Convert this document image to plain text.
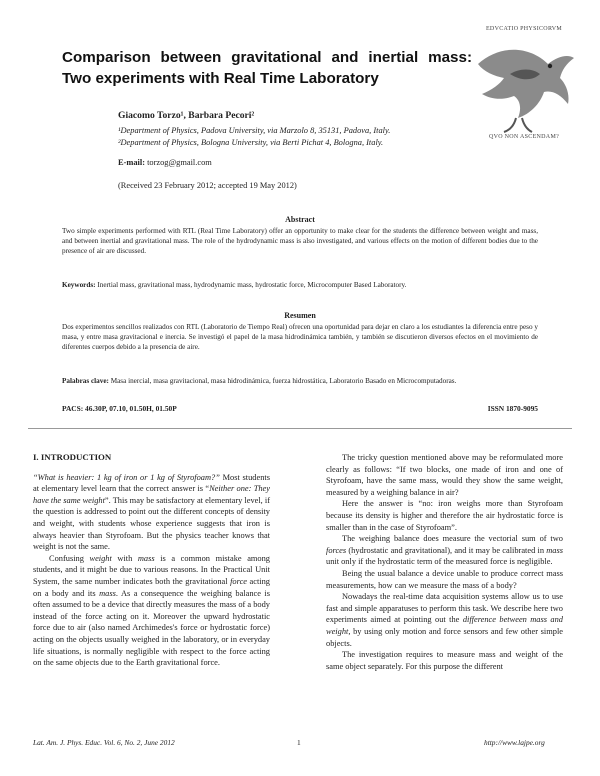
Comparison between gravitational and inertial mass: Two experiments with Real Time Laboratory
EDVCATIO PHYSICORVM
QVO NON ASCENDAM?
Giacomo Torzo¹, Barbara Pecori²
¹Department of Physics, Padova University, via Marzolo 8, 35131, Padova, Italy.
²Department of Physics, Bologna University, via Berti Pichat 4, Bologna, Italy.
E-mail: torzog@gmail.com
(Received 23 February 2012; accepted 19 May 2012)
Abstract
Two simple experiments performed with RTL (Real Time Laboratory) offer an opportunity to make clear for the students the difference between weight and mass, and between inertial and gravitational mass. The role of the hydrodynamic mass is also investigated, and various effects on the motion of different bodies due to the presence of air are discussed.
Keywords: Inertial mass, gravitational mass, hydrodynamic mass, hydrostatic force, Microcomputer Based Laboratory.
Resumen
Dos experimentos sencillos realizados con RTL (Laboratorio de Tiempo Real) ofrecen una oportunidad para dejar en claro a los estudiantes la diferencia entre peso y masa, y entre masa gravitacional e inercia. Se investigó el papel de la masa hidrodinámica también, y también se discutieron diversos efectos en el movimiento de diferentes cuerpos debido a la presencia de aire.
Palabras clave: Masa inercial, masa gravitacional, masa hidrodinámica, fuerza hidrostática, Laboratorio Basado en Microcomputadoras.
PACS: 46.30P, 07.10, 01.50H, 01.50P	ISSN 1870-9095
I. INTRODUCTION

“What is heavier: 1 kg of iron or 1 kg of Styrofoam?” Most students at elementary level learn that the correct answer is “Neither one: They have the same weight”. This may be satisfactory at elementary level, if the question is addressed to point out the different concepts of density and weight, with students whose experience suggests that iron is always heavier than Styrofoam. But the physics teacher knows that weight is not the same.

Confusing weight with mass is a common mistake among students, and it might be due to various reasons. In the Practical Unit System, the same number indicates both the gravitational force acting on a body and its mass. As a consequence the weighing balance is often assumed to be a device that directly measures the mass of a body instead of the force acting on it. Moreover the upward hydrostatic force due to air (also named Archimedes's force or hydrostatic force) acting on the objects usually weighed in the laboratory, or in everyday life situations, is normally negligible with respect to the force acting on the same objects due to the Earth gravitational force.

The tricky question mentioned above may be reformulated more clearly as follows: “If two blocks, one made of iron and one of Styrofoam, have the same mass, would they show the same weight, measured by a weighing balance in air?

Here the answer is “no: iron weighs more than Styrofoam because its density is higher and therefore the air hydrostatic force is smaller than in the case of Styrofoam”.

The weighing balance does measure the vectorial sum of two forces (hydrostatic and gravitational), and it may be calibrated in mass unit only if the hydrostatic term of the measured force is negligible.

Being the usual balance a device unable to produce correct mass measurements, how can we measure the mass of a body?

Nowadays the real-time data acquisition systems allow us to use fast and simple apparatuses to perform this task. We describe here two experiments aimed at pointing out the difference between mass and weight, by using only motion and force sensors and few other simple objects.

The investigation requires to measure mass and weight of the same object separately. For this purpose the different

Lat. Am. J. Phys. Educ. Vol. 6, No. 2, June 2012	1	http://www.lajpe.org
